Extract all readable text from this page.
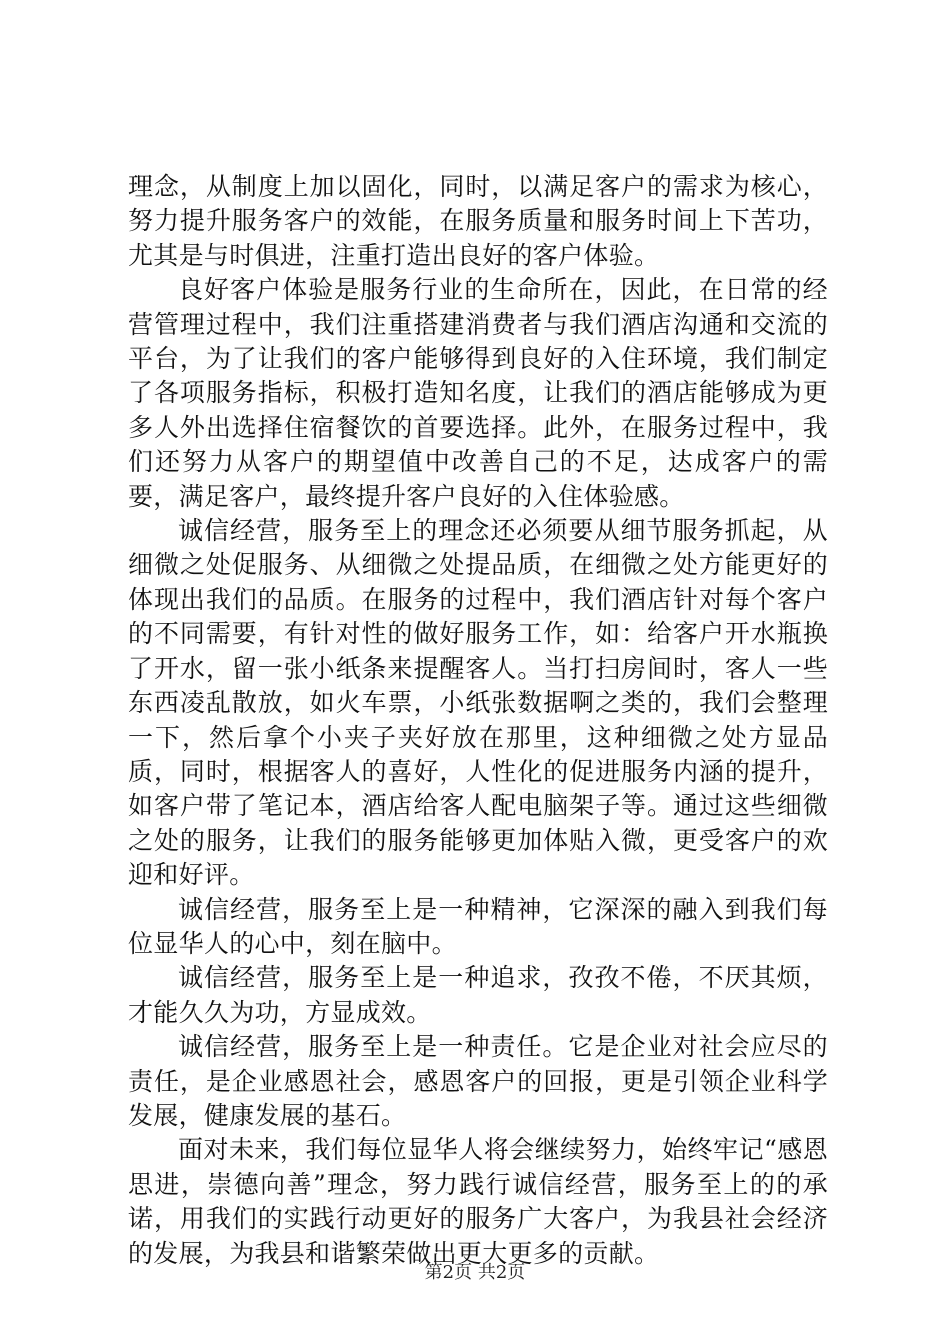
理念，从制度上加以固化，同时，以满足客户的需求为核心，努力提升服务客户的效能，在服务质量和服务时间上下苦功，尤其是与时俱进，注重打造出良好的客户体验。

良好客户体验是服务行业的生命所在，因此，在日常的经营管理过程中，我们注重搭建消费者与我们酒店沟通和交流的平台，为了让我们的客户能够得到良好的入住环境，我们制定了各项服务指标，积极打造知名度，让我们的酒店能够成为更多人外出选择住宿餐饮的首要选择。此外，在服务过程中，我们还努力从客户的期望值中改善自己的不足，达成客户的需要，满足客户，最终提升客户良好的入住体验感。

诚信经营，服务至上的理念还必须要从细节服务抓起，从细微之处促服务、从细微之处提品质，在细微之处方能更好的体现出我们的品质。在服务的过程中，我们酒店针对每个客户的不同需要，有针对性的做好服务工作，如：给客户开水瓶换了开水，留一张小纸条来提醒客人。当打扫房间时，客人一些东西凌乱散放，如火车票，小纸张数据啊之类的，我们会整理一下，然后拿个小夹子夹好放在那里，这种细微之处方显品质，同时，根据客人的喜好，人性化的促进服务内涵的提升，如客户带了笔记本，酒店给客人配电脑架子等。通过这些细微之处的服务，让我们的服务能够更加体贴入微，更受客户的欢迎和好评。

诚信经营，服务至上是一种精神，它深深的融入到我们每位显华人的心中，刻在脑中。

诚信经营，服务至上是一种追求，孜孜不倦，不厌其烦，才能久久为功，方显成效。

诚信经营，服务至上是一种责任。它是企业对社会应尽的责任，是企业感恩社会，感恩客户的回报，更是引领企业科学发展，健康发展的基石。

面对未来，我们每位显华人将会继续努力，始终牢记“感恩思进，崇德向善”理念，努力践行诚信经营，服务至上的的承诺，用我们的实践行动更好的服务广大客户，为我县社会经济的发展，为我县和谐繁荣做出更大更多的贡献。

第2页 共2页
